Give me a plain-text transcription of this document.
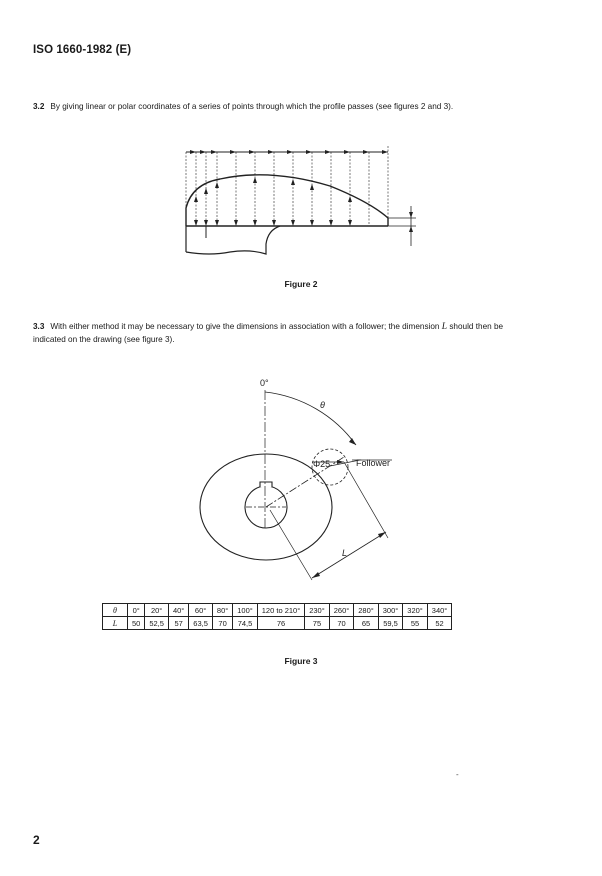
ISO 1660-1982 (E)
3.2 By giving linear or polar coordinates of a series of points through which the profile passes (see figures 2 and 3).
Figure 2
3.3 With either method it may be necessary to give the dimensions in association with a follower; the dimension L should then be
indicated on the drawing (see figure 3).
0°
θ
Φ25	Follower
L
θ	0°	20°	40°	60°	80°	100°	120 to 210°	230°	260°	280°	300°	320°	340°
L	50	52,5	57	63,5	70	74,5	76	75	70	65	59,5	55	52
Figure 3
-
2
